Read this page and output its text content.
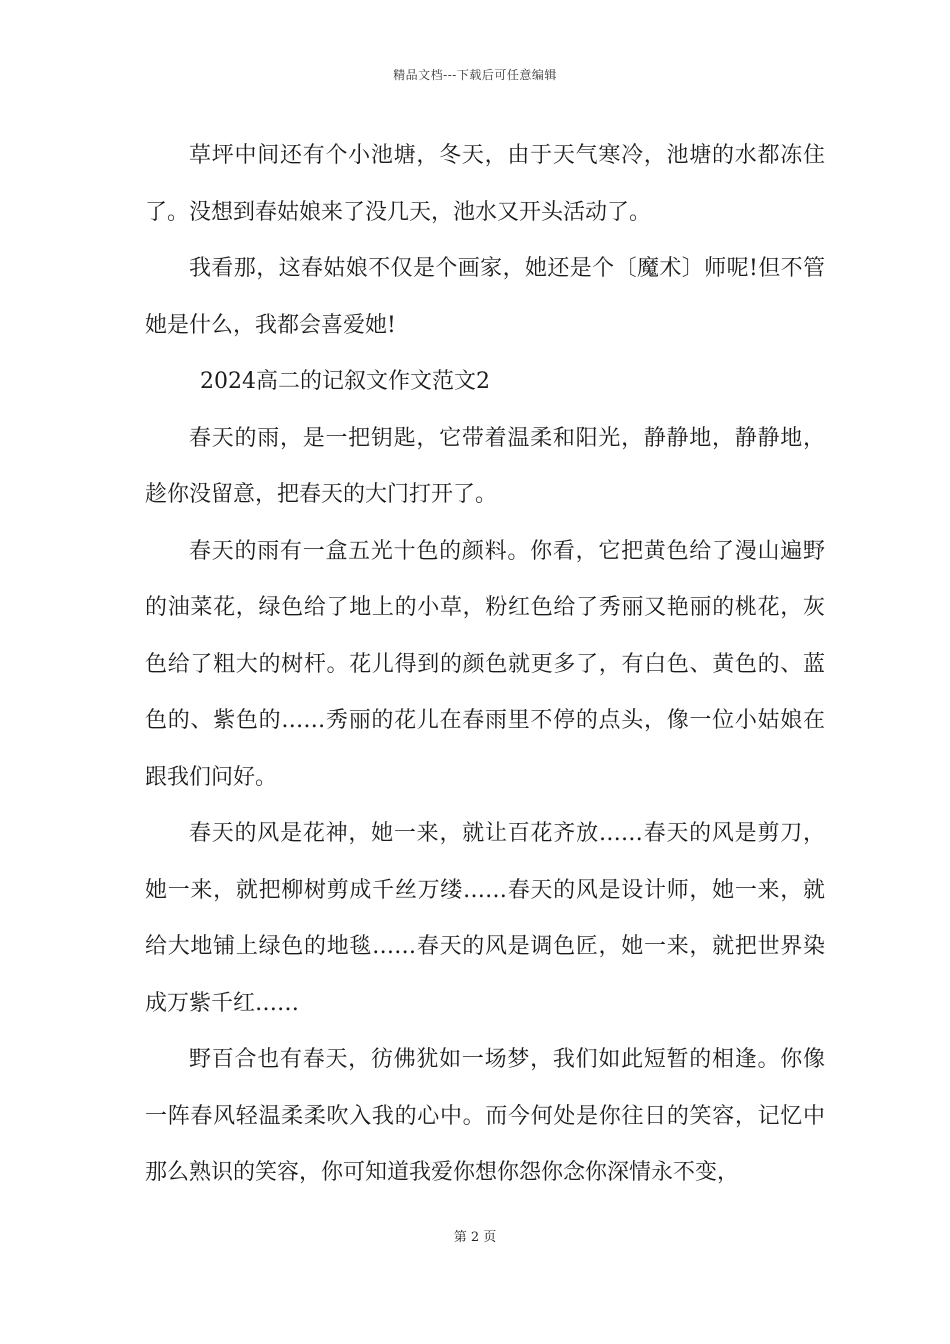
精品文档---下载后可任意编辑

草坪中间还有个小池塘，冬天，由于天气寒冷，池塘的水都冻住了。没想到春姑娘来了没几天，池水又开头活动了。

我看那，这春姑娘不仅是个画家，她还是个〔魔术〕师呢!但不管她是什么，我都会喜爱她!

2024高二的记叙文作文范文2

春天的雨，是一把钥匙，它带着温柔和阳光，静静地，静静地，趁你没留意，把春天的大门打开了。

春天的雨有一盒五光十色的颜料。你看，它把黄色给了漫山遍野的油菜花，绿色给了地上的小草，粉红色给了秀丽又艳丽的桃花，灰色给了粗大的树杆。花儿得到的颜色就更多了，有白色、黄色的、蓝色的、紫色的……秀丽的花儿在春雨里不停的点头，像一位小姑娘在跟我们问好。

春天的风是花神，她一来，就让百花齐放……春天的风是剪刀，她一来，就把柳树剪成千丝万缕……春天的风是设计师，她一来，就给大地铺上绿色的地毯……春天的风是调色匠，她一来，就把世界染成万紫千红……

野百合也有春天，彷佛犹如一场梦，我们如此短暂的相逢。你像一阵春风轻温柔柔吹入我的心中。而今何处是你往日的笑容，记忆中那么熟识的笑容，你可知道我爱你想你怨你念你深情永不变，

第 2 页
